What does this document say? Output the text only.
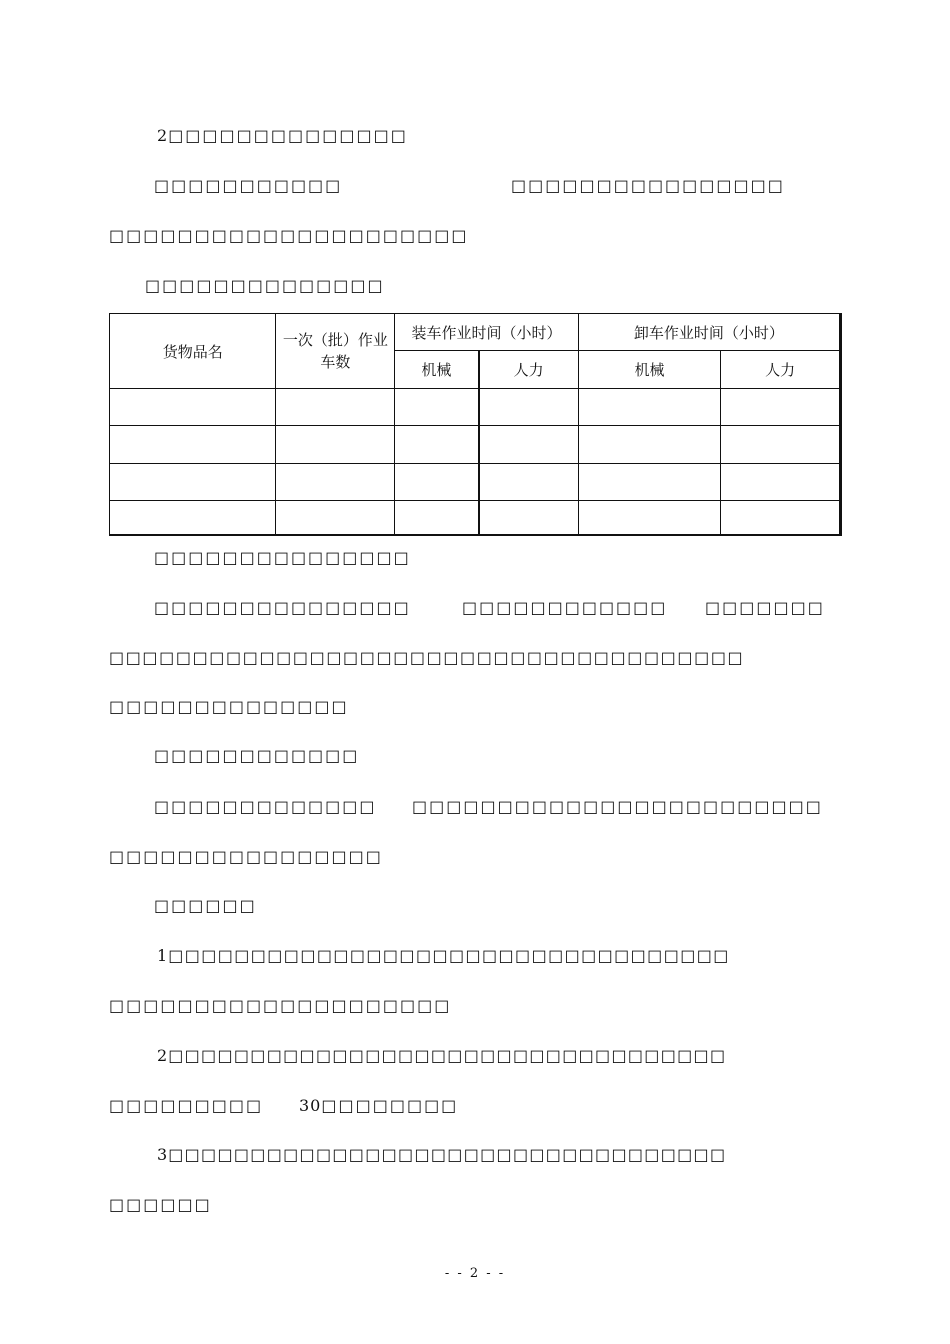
2□□□□□□□□□□□□□□
□□□□□□□□□□□	□□□□□□□□□□□□□□□□
□□□□□□□□□□□□□□□□□□□□□
□□□□□□□□□□□□□□
货物品名	一次（批）作业车数	装车作业时间（小时）		卸车作业时间（小时）	
		机械	人力	机械	人力

□□□□□□□□□□□□□□□
□□□□□□□□□□□□□□□	□□□□□□□□□□□□ □□□□□□□
□□□□□□□□□□□□□□□□□□□□□□□□□□□□□□□□□□□□□□
□□□□□□□□□□□□□□
□□□□□□□□□□□□
□□□□□□□□□□□□□ □□□□□□□□□□□□□□□□□□□□□□□□
□□□□□□□□□□□□□□□□
□□□□□□
1□□□□□□□□□□□□□□□□□□□□□□□□□□□□□□□□□□
□□□□□□□□□□□□□□□□□□□□
2□□□□□□□□□□□□□□□□□□□□□□□□□□□□□□□□□□
□□□□□□□□□ 30□□□□□□□□
3□□□□□□□□□□□□□□□□□□□□□□□□□□□□□□□□□□
□□□□□□
- - 2 - -
